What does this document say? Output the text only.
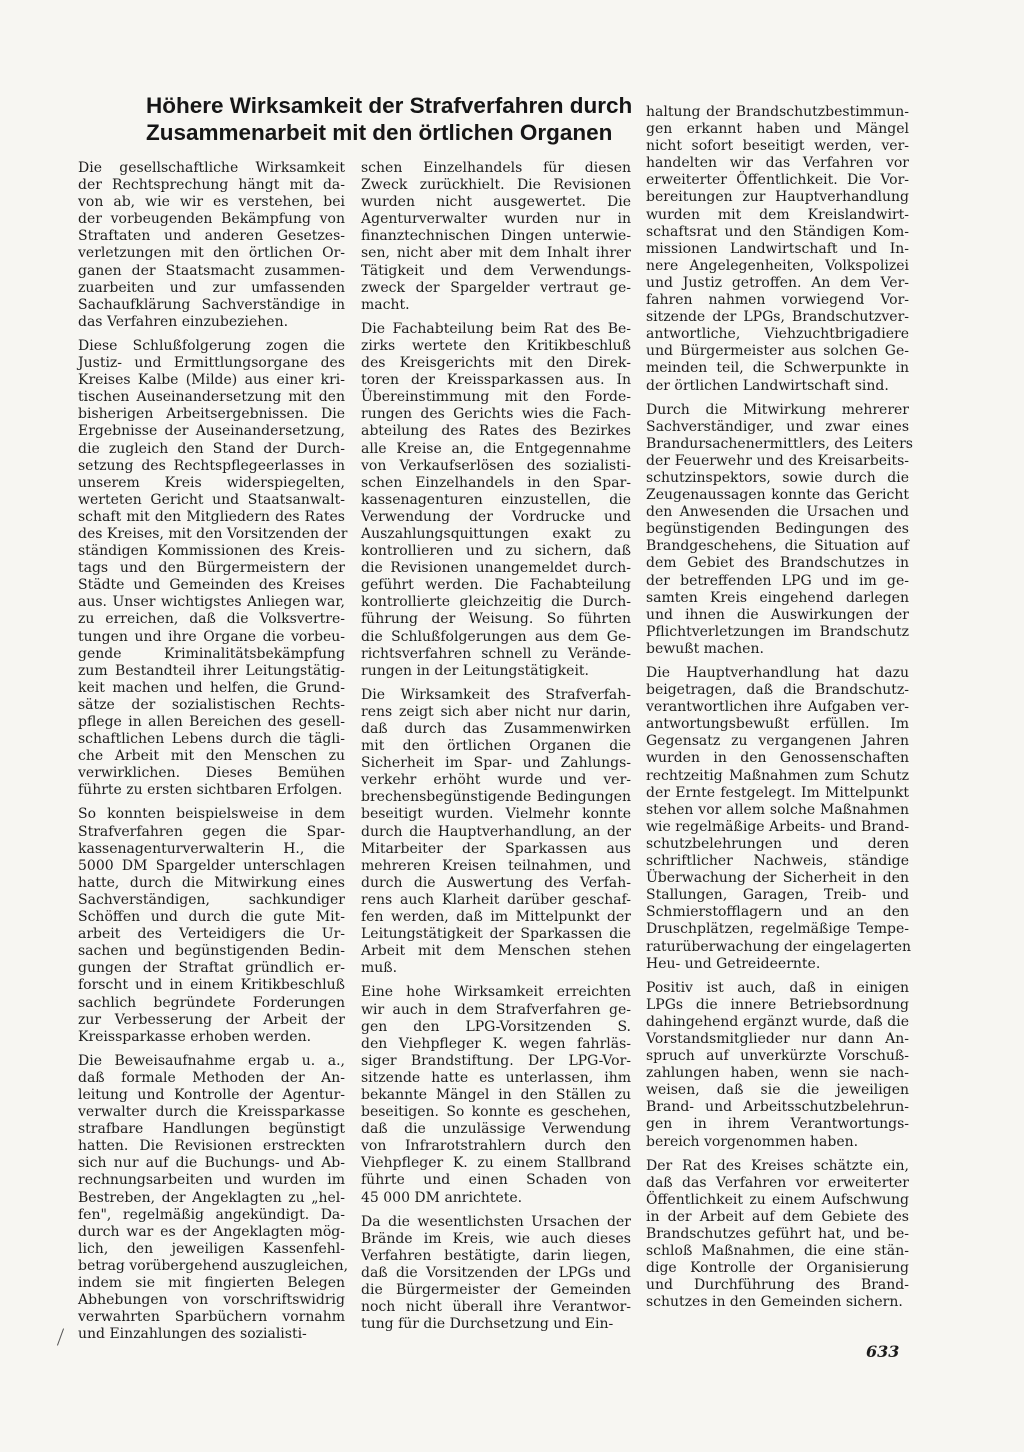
Höhere Wirksamkeit der Strafverfahren durch
Zusammenarbeit mit den örtlichen Organen

Die gesellschaftliche Wirksamkeit
der Rechtsprechung hängt mit da-
von ab, wie wir es verstehen, bei
der vorbeugenden Bekämpfung von
Straftaten und anderen Gesetzes-
verletzungen mit den örtlichen Or-
ganen der Staatsmacht zusammen-
zuarbeiten und zur umfassenden
Sachaufklärung Sachverständige in
das Verfahren einzubeziehen.

Diese Schlußfolgerung zogen die
Justiz- und Ermittlungsorgane des
Kreises Kalbe (Milde) aus einer kri-
tischen Auseinandersetzung mit den
bisherigen Arbeitsergebnissen. Die
Ergebnisse der Auseinandersetzung,
die zugleich den Stand der Durch-
setzung des Rechtspflegeerlasses in
unserem Kreis widerspiegelten,
werteten Gericht und Staatsanwalt-
schaft mit den Mitgliedern des Rates
des Kreises, mit den Vorsitzenden der
ständigen Kommissionen des Kreis-
tags und den Bürgermeistern der
Städte und Gemeinden des Kreises
aus. Unser wichtigstes Anliegen war,
zu erreichen, daß die Volksvertre-
tungen und ihre Organe die vorbeu-
gende Kriminalitätsbekämpfung
zum Bestandteil ihrer Leitungstätig-
keit machen und helfen, die Grund-
sätze der sozialistischen Rechts-
pflege in allen Bereichen des gesell-
schaftlichen Lebens durch die tägli-
che Arbeit mit den Menschen zu
verwirklichen. Dieses Bemühen
führte zu ersten sichtbaren Erfolgen.

So konnten beispielsweise in dem
Strafverfahren gegen die Spar-
kassenagenturverwalterin H., die
5000 DM Spargelder unterschlagen
hatte, durch die Mitwirkung eines
Sachverständigen, sachkundiger
Schöffen und durch die gute Mit-
arbeit des Verteidigers die Ur-
sachen und begünstigenden Bedin-
gungen der Straftat gründlich er-
forscht und in einem Kritikbeschluß
sachlich begründete Forderungen
zur Verbesserung der Arbeit der
Kreissparkasse erhoben werden.

Die Beweisaufnahme ergab u. a.,
daß formale Methoden der An-
leitung und Kontrolle der Agentur-
verwalter durch die Kreissparkasse
strafbare Handlungen begünstigt
hatten. Die Revisionen erstreckten
sich nur auf die Buchungs- und Ab-
rechnungsarbeiten und wurden im
Bestreben, der Angeklagten zu „hel-
fen", regelmäßig angekündigt. Da-
durch war es der Angeklagten mög-
lich, den jeweiligen Kassenfehl-
betrag vorübergehend auszugleichen,
indem sie mit fingierten Belegen
Abhebungen von vorschriftswidrig
verwahrten Sparbüchern vornahm
und Einzahlungen des sozialisti-

schen Einzelhandels für diesen
Zweck zurückhielt. Die Revisionen
wurden nicht ausgewertet. Die
Agenturverwalter wurden nur in
finanztechnischen Dingen unterwie-
sen, nicht aber mit dem Inhalt ihrer
Tätigkeit und dem Verwendungs-
zweck der Spargelder vertraut ge-
macht.

Die Fachabteilung beim Rat des Be-
zirks wertete den Kritikbeschluß
des Kreisgerichts mit den Direk-
toren der Kreissparkassen aus. In
Übereinstimmung mit den Forde-
rungen des Gerichts wies die Fach-
abteilung des Rates des Bezirkes
alle Kreise an, die Entgegennahme
von Verkaufserlösen des sozialisti-
schen Einzelhandels in den Spar-
kassenagenturen einzustellen, die
Verwendung der Vordrucke und
Auszahlungsquittungen exakt zu
kontrollieren und zu sichern, daß
die Revisionen unangemeldet durch-
geführt werden. Die Fachabteilung
kontrollierte gleichzeitig die Durch-
führung der Weisung. So führten
die Schlußfolgerungen aus dem Ge-
richtsverfahren schnell zu Verände-
rungen in der Leitungstätigkeit.

Die Wirksamkeit des Strafverfah-
rens zeigt sich aber nicht nur darin,
daß durch das Zusammenwirken
mit den örtlichen Organen die
Sicherheit im Spar- und Zahlungs-
verkehr erhöht wurde und ver-
brechensbegünstigende Bedingungen
beseitigt wurden. Vielmehr konnte
durch die Hauptverhandlung, an der
Mitarbeiter der Sparkassen aus
mehreren Kreisen teilnahmen, und
durch die Auswertung des Verfah-
rens auch Klarheit darüber geschaf-
fen werden, daß im Mittelpunkt der
Leitungstätigkeit der Sparkassen die
Arbeit mit dem Menschen stehen
muß.

Eine hohe Wirksamkeit erreichten
wir auch in dem Strafverfahren ge-
gen den LPG-Vorsitzenden S.
den Viehpfleger K. wegen fahrläs-
siger Brandstiftung. Der LPG-Vor-
sitzende hatte es unterlassen, ihm
bekannte Mängel in den Ställen zu
beseitigen. So konnte es geschehen,
daß die unzulässige Verwendung
von Infrarotstrahlern durch den
Viehpfleger K. zu einem Stallbrand
führte und einen Schaden von
45 000 DM anrichtete.

Da die wesentlichsten Ursachen der
Brände im Kreis, wie auch dieses
Verfahren bestätigte, darin liegen,
daß die Vorsitzenden der LPGs und
die Bürgermeister der Gemeinden
noch nicht überall ihre Verantwor-
tung für die Durchsetzung und Ein-

haltung der Brandschutzbestimmun-
gen erkannt haben und Mängel
nicht sofort beseitigt werden, ver-
handelten wir das Verfahren vor
erweiterter Öffentlichkeit. Die Vor-
bereitungen zur Hauptverhandlung
wurden mit dem Kreislandwirt-
schaftsrat und den Ständigen Kom-
missionen Landwirtschaft und In-
nere Angelegenheiten, Volkspolizei
und Justiz getroffen. An dem Ver-
fahren nahmen vorwiegend Vor-
sitzende der LPGs, Brandschutzver-
antwortliche, Viehzuchtbrigadiere
und Bürgermeister aus solchen Ge-
meinden teil, die Schwerpunkte in
der örtlichen Landwirtschaft sind.

Durch die Mitwirkung mehrerer
Sachverständiger, und zwar eines
Brandursachenermittlers, des Leiters
der Feuerwehr und des Kreisarbeits-
schutzinspektors, sowie durch die
Zeugenaussagen konnte das Gericht
den Anwesenden die Ursachen und
begünstigenden Bedingungen des
Brandgeschehens, die Situation auf
dem Gebiet des Brandschutzes in
der betreffenden LPG und im ge-
samten Kreis eingehend darlegen
und ihnen die Auswirkungen der
Pflichtverletzungen im Brandschutz
bewußt machen.

Die Hauptverhandlung hat dazu
beigetragen, daß die Brandschutz-
verantwortlichen ihre Aufgaben ver-
antwortungsbewußt erfüllen. Im
Gegensatz zu vergangenen Jahren
wurden in den Genossenschaften
rechtzeitig Maßnahmen zum Schutz
der Ernte festgelegt. Im Mittelpunkt
stehen vor allem solche Maßnahmen
wie regelmäßige Arbeits- und Brand-
schutzbelehrungen und deren
schriftlicher Nachweis, ständige
Überwachung der Sicherheit in den
Stallungen, Garagen, Treib- und
Schmierstofflagern und an den
Druschplätzen, regelmäßige Tempe-
raturüberwachung der eingelagerten
Heu- und Getreideernte.

Positiv ist auch, daß in einigen
LPGs die innere Betriebsordnung
dahingehend ergänzt wurde, daß die
Vorstandsmitglieder nur dann An-
spruch auf unverkürzte Vorschuß-
zahlungen haben, wenn sie nach-
weisen, daß sie die jeweiligen
Brand- und Arbeitsschutzbelehrun-
gen in ihrem Verantwortungs-
bereich vorgenommen haben.

Der Rat des Kreises schätzte ein,
daß das Verfahren vor erweiterter
Öffentlichkeit zu einem Aufschwung
in der Arbeit auf dem Gebiete des
Brandschutzes geführt hat, und be-
schloß Maßnahmen, die eine stän-
dige Kontrolle der Organisierung
und Durchführung des Brand-
schutzes in den Gemeinden sichern.

633
